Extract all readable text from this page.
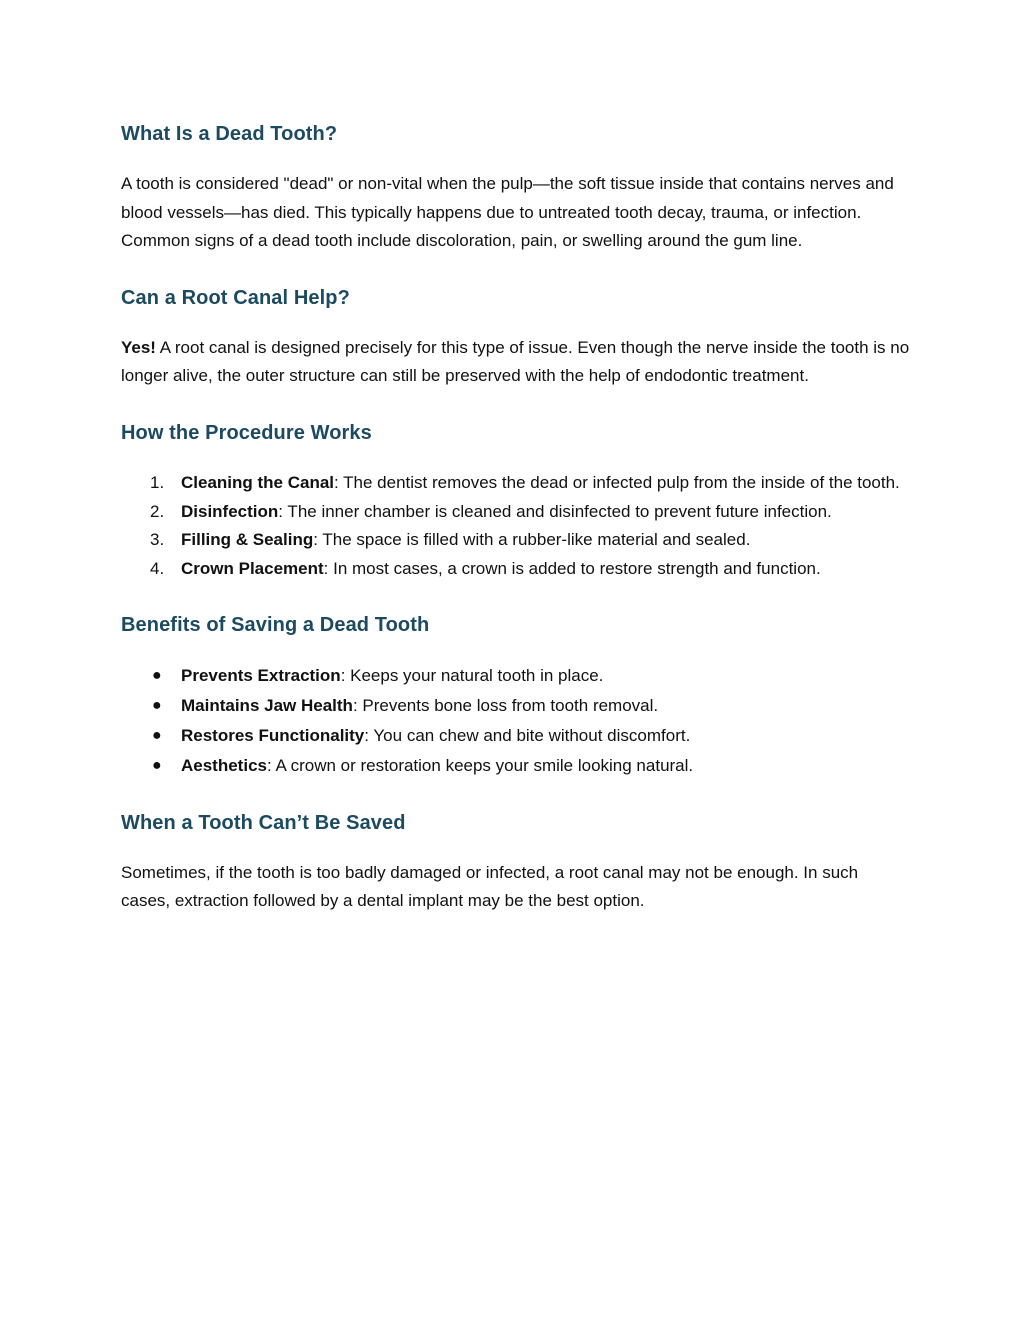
What Is a Dead Tooth?

A tooth is considered "dead" or non-vital when the pulp—the soft tissue inside that contains nerves and blood vessels—has died. This typically happens due to untreated tooth decay, trauma, or infection. Common signs of a dead tooth include discoloration, pain, or swelling around the gum line.

Can a Root Canal Help?

Yes! A root canal is designed precisely for this type of issue. Even though the nerve inside the tooth is no longer alive, the outer structure can still be preserved with the help of endodontic treatment.

How the Procedure Works
1. Cleaning the Canal: The dentist removes the dead or infected pulp from the inside of the tooth.
2. Disinfection: The inner chamber is cleaned and disinfected to prevent future infection.
3. Filling & Sealing: The space is filled with a rubber-like material and sealed.
4. Crown Placement: In most cases, a crown is added to restore strength and function.
Benefits of Saving a Dead Tooth
● Prevents Extraction: Keeps your natural tooth in place.
● Maintains Jaw Health: Prevents bone loss from tooth removal.
● Restores Functionality: You can chew and bite without discomfort.
● Aesthetics: A crown or restoration keeps your smile looking natural.
When a Tooth Can’t Be Saved

Sometimes, if the tooth is too badly damaged or infected, a root canal may not be enough. In such cases, extraction followed by a dental implant may be the best option.
